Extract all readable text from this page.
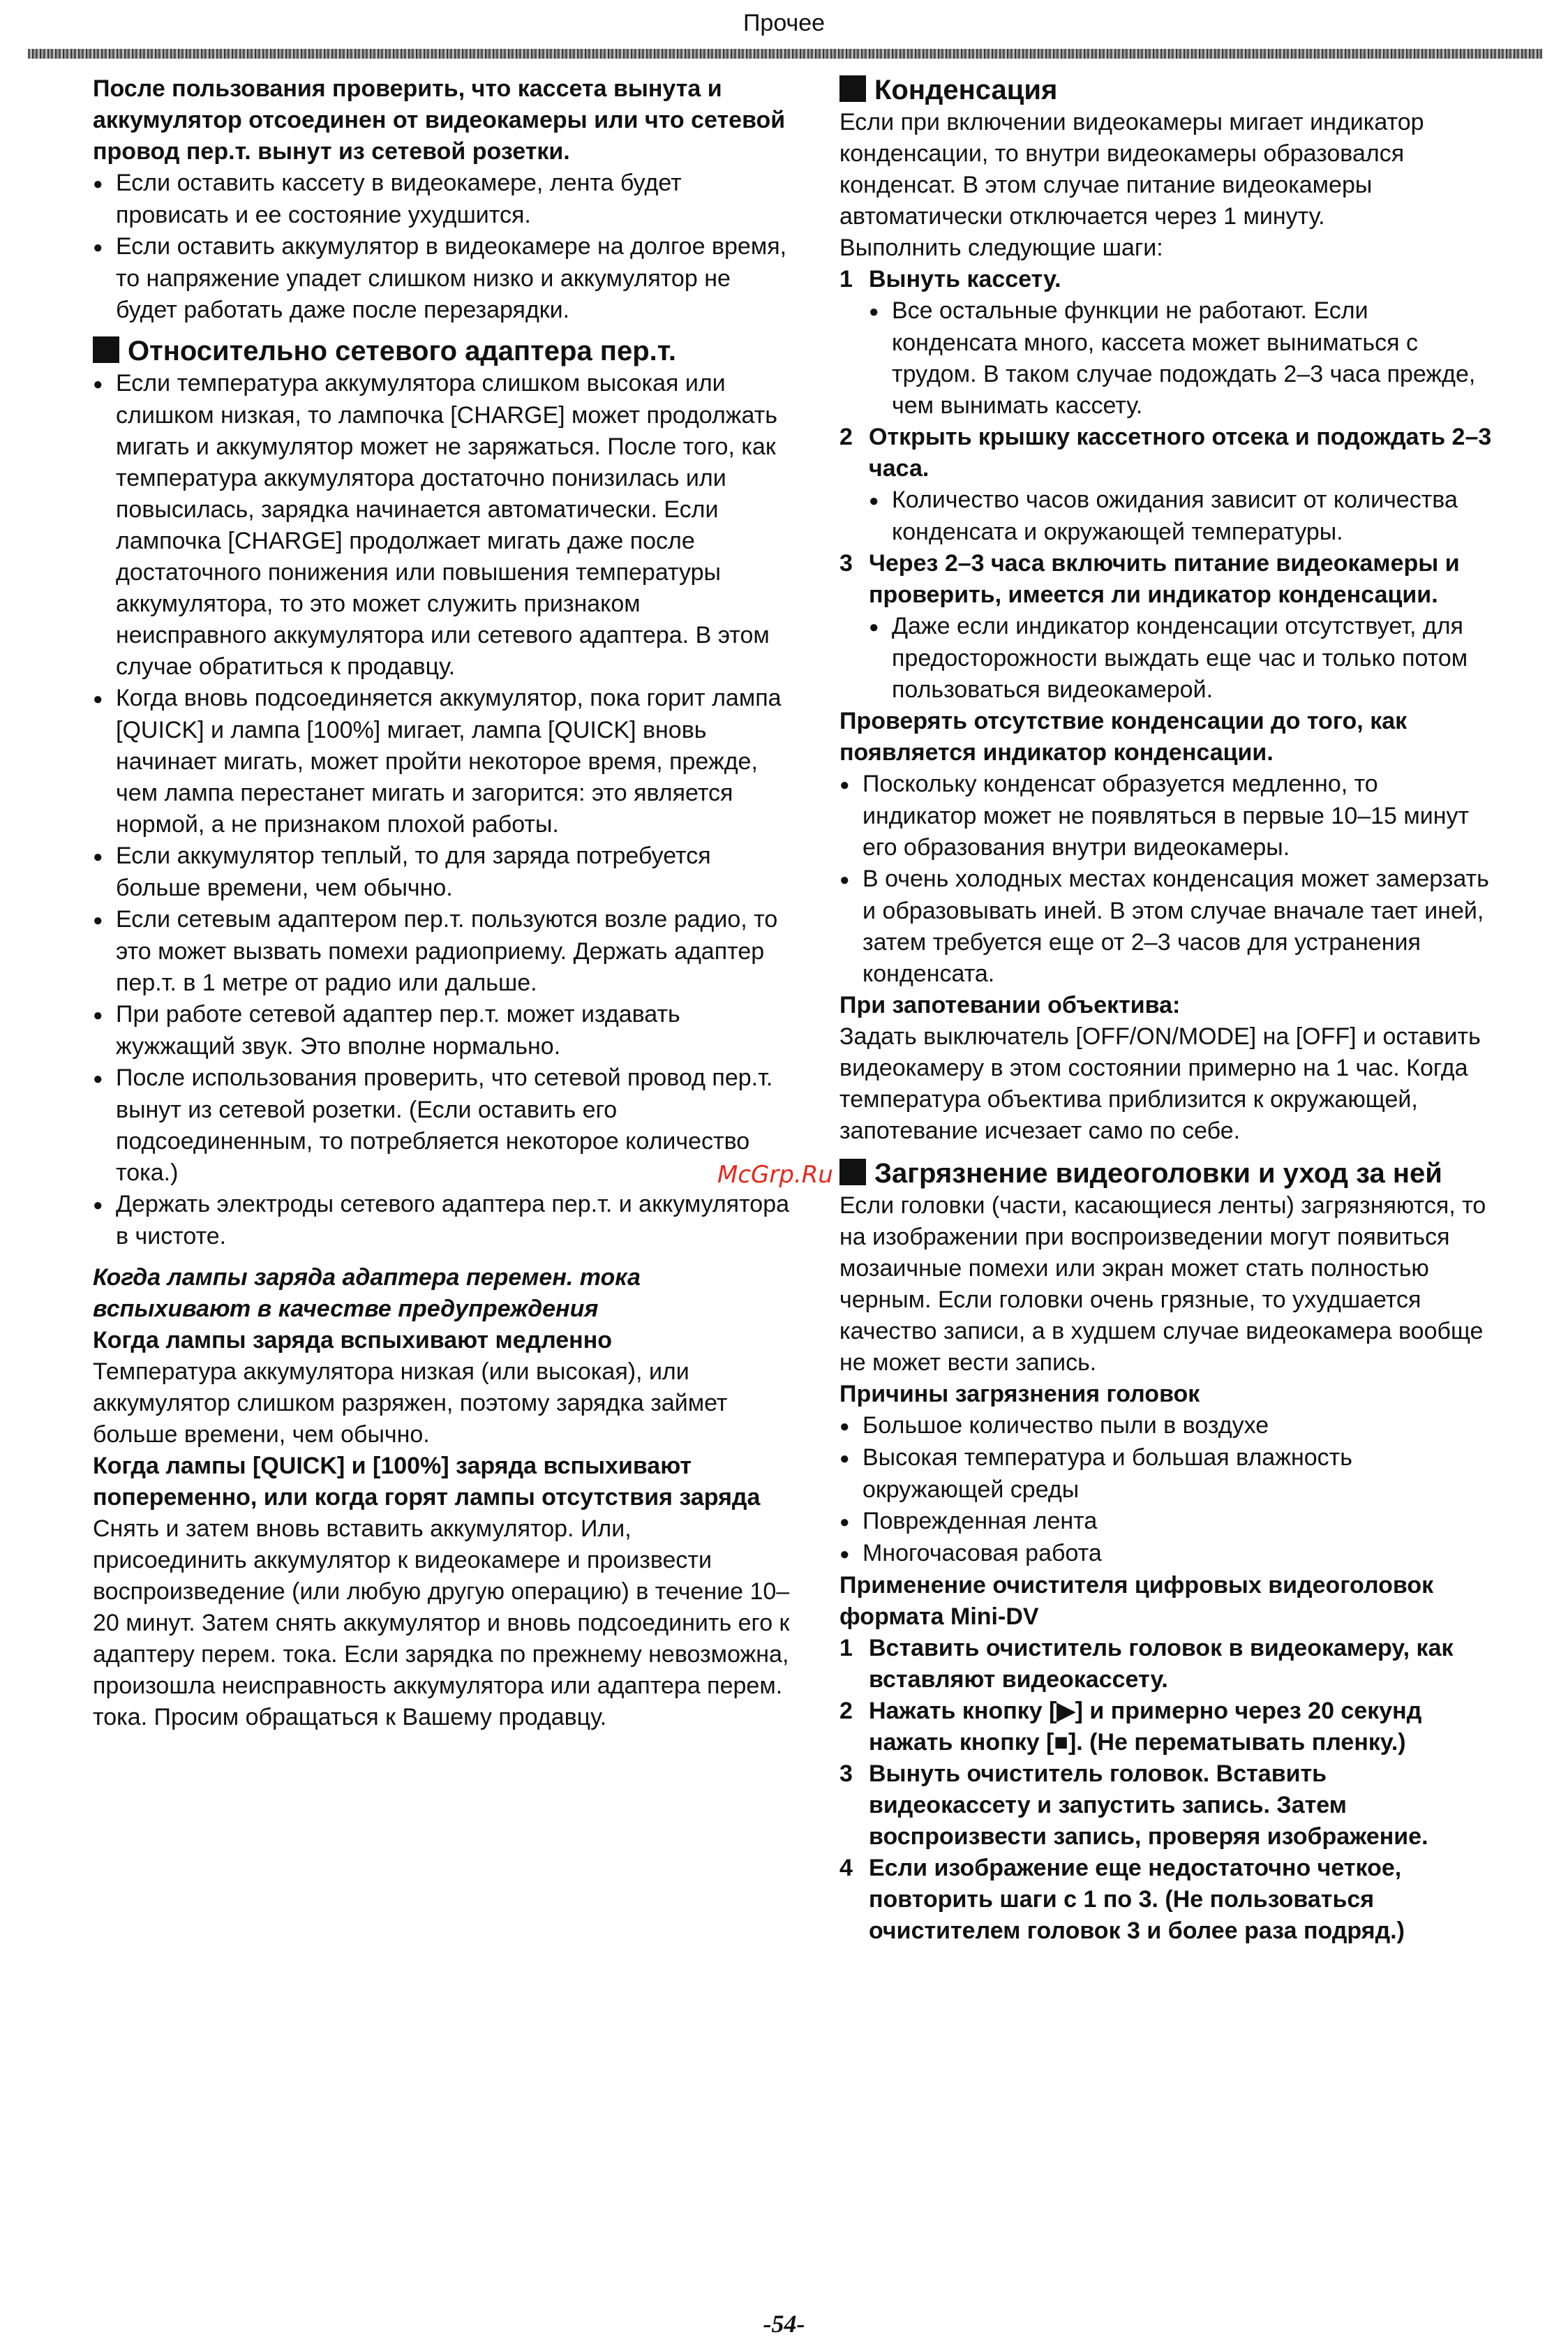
Прочее

После пользования проверить, что кассета вынута и аккумулятор отсоединен от видеокамеры или что сетевой провод пер.т. вынут из сетевой розетки.

● Если оставить кассету в видеокамере, лента будет провисать и ее состояние ухудшится.

● Если оставить аккумулятор в видеокамере на долгое время, то напряжение упадет слишком низко и аккумулятор не будет работать даже после перезарядки.

Относительно сетевого адаптера пер.т.

● Если температура аккумулятора слишком высокая или слишком низкая, то лампочка [CHARGE] может продолжать мигать и аккумулятор может не заряжаться. После того, как температура аккумулятора достаточно понизилась или повысилась, зарядка начинается автоматически. Если лампочка [CHARGE] продолжает мигать даже после достаточного понижения или повышения температуры аккумулятора, то это может служить признаком неисправного аккумулятора или сетевого адаптера. В этом случае обратиться к продавцу.

● Когда вновь подсоединяется аккумулятор, пока горит лампа [QUICK] и лампа [100%] мигает, лампа [QUICK] вновь начинает мигать, может пройти некоторое время, прежде, чем лампа перестанет мигать и загорится: это является нормой, а не признаком плохой работы.

● Если аккумулятор теплый, то для заряда потребуется больше времени, чем обычно.

● Если сетевым адаптером пер.т. пользуются возле радио, то это может вызвать помехи радиоприему. Держать адаптер пер.т. в 1 метре от радио или дальше.

● При работе сетевой адаптер пер.т. может издавать жужжащий звук. Это вполне нормально.

● После использования проверить, что сетевой провод пер.т. вынут из сетевой розетки. (Если оставить его подсоединенным, то потребляется некоторое количество тока.)

● Держать электроды сетевого адаптера пер.т. и аккумулятора в чистоте.

Когда лампы заряда адаптера перемен. тока вспыхивают в качестве предупреждения

Когда лампы заряда вспыхивают медленно

Температура аккумулятора низкая (или высокая), или аккумулятор слишком разряжен, поэтому зарядка займет больше времени, чем обычно.

Когда лампы [QUICK] и [100%] заряда вспыхивают попеременно, или когда горят лампы отсутствия заряда

Снять и затем вновь вставить аккумулятор. Или, присоединить аккумулятор к видеокамере и произвести воспроизведение (или любую другую операцию) в течение 10–20 минут. Затем снять аккумулятор и вновь подсоединить его к адаптеру перем. тока. Если зарядка по прежнему невозможна, произошла неисправность аккумулятора или адаптера перем. тока. Просим обращаться к Вашему продавцу.

Конденсация

Если при включении видеокамеры мигает индикатор конденсации, то внутри видеокамеры образовался конденсат. В этом случае питание видеокамеры автоматически отключается через 1 минуту.

Выполнить следующие шаги:

1 Вынуть кассету.

● Все остальные функции не работают. Если конденсата много, кассета может выниматься с трудом. В таком случае подождать 2–3 часа прежде, чем вынимать кассету.

2 Открыть крышку кассетного отсека и подождать 2–3 часа.

● Количество часов ожидания зависит от количества конденсата и окружающей температуры.

3 Через 2–3 часа включить питание видеокамеры и проверить, имеется ли индикатор конденсации.

● Даже если индикатор конденсации отсутствует, для предосторожности выждать еще час и только потом пользоваться видеокамерой.

Проверять отсутствие конденсации до того, как появляется индикатор конденсации.

● Поскольку конденсат образуется медленно, то индикатор может не появляться в первые 10–15 минут его образования внутри видеокамеры.

● В очень холодных местах конденсация может замерзать и образовывать иней. В этом случае вначале тает иней, затем требуется еще от 2–3 часов для устранения конденсата.

При запотевании объектива:

Задать выключатель [OFF/ON/MODE] на [OFF] и оставить видеокамеру в этом состоянии примерно на 1 час. Когда температура объектива приблизится к окружающей, запотевание исчезает само по себе.

Загрязнение видеоголовки и уход за ней

Если головки (части, касающиеся ленты) загрязняются, то на изображении при воспроизведении могут появиться мозаичные помехи или экран может стать полностью черным. Если головки очень грязные, то ухудшается качество записи, а в худшем случае видеокамера вообще не может вести запись.

Причины загрязнения головок

● Большое количество пыли в воздухе

● Высокая температура и большая влажность окружающей среды

● Поврежденная лента

● Многочасовая работа

Применение очистителя цифровых видеоголовок формата Mini-DV

1 Вставить очиститель головок в видеокамеру, как вставляют видеокассету.

2 Нажать кнопку [▶] и примерно через 20 секунд нажать кнопку [■]. (Не перематывать пленку.)

3 Вынуть очиститель головок. Вставить видеокассету и запустить запись. Затем воспроизвести запись, проверяя изображение.

4 Если изображение еще недостаточно четкое, повторить шаги с 1 по 3. (Не пользоваться очистителем головок 3 и более раза подряд.)

McGrp.Ru
-54-
